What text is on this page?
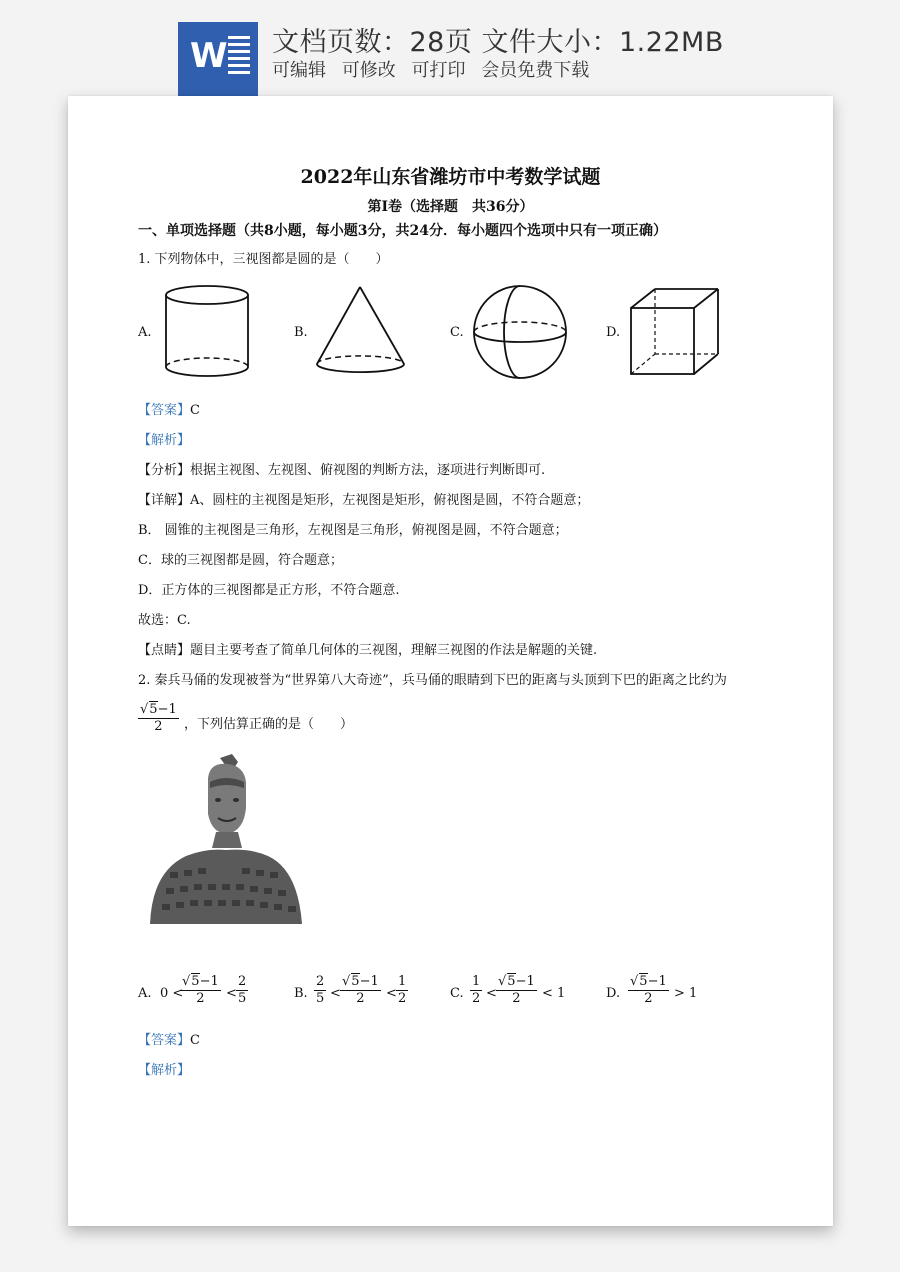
W 文档页数：28页 文件大小：1.22MB
可编辑 可修改 可打印 会员免费下载
2022年山东省潍坊市中考数学试题
第Ⅰ卷（选择题　共36分）
一、单项选择题（共8小题，每小题3分，共24分．每小题四个选项中只有一项正确）
1. 下列物体中，三视图都是圆的是（　　）
A.	B.	C.	D.
【答案】C
【解析】
【分析】根据主视图、左视图、俯视图的判断方法，逐项进行判断即可.
【详解】A、圆柱的主视图是矩形，左视图是矩形，俯视图是圆，不符合题意；
B． 圆锥的主视图是三角形，左视图是三角形，俯视图是圆，不符合题意；
C．球的三视图都是圆，符合题意；
D．正方体的三视图都是正方形，不符合题意.
故选：C.
【点睛】题目主要考查了简单几何体的三视图，理解三视图的作法是解题的关键.
2. 秦兵马俑的发现被誉为“世界第八大奇迹”，兵马俑的眼睛到下巴的距离与头顶到下巴的距离之比约为
$\frac{√5-1}{2}$ ，下列估算正确的是（　　）
A. 0 <
$\frac{√5-1}{2} < \frac{2}{5}$	B. $\frac{2}{5} < \frac{√5-1}{2} < \frac{1}{2}$	C. $\frac{1}{2} < \frac{√5-1}{2} < 1$	D. $\frac{√5-1}{2} > 1$
【答案】C
【解析】
